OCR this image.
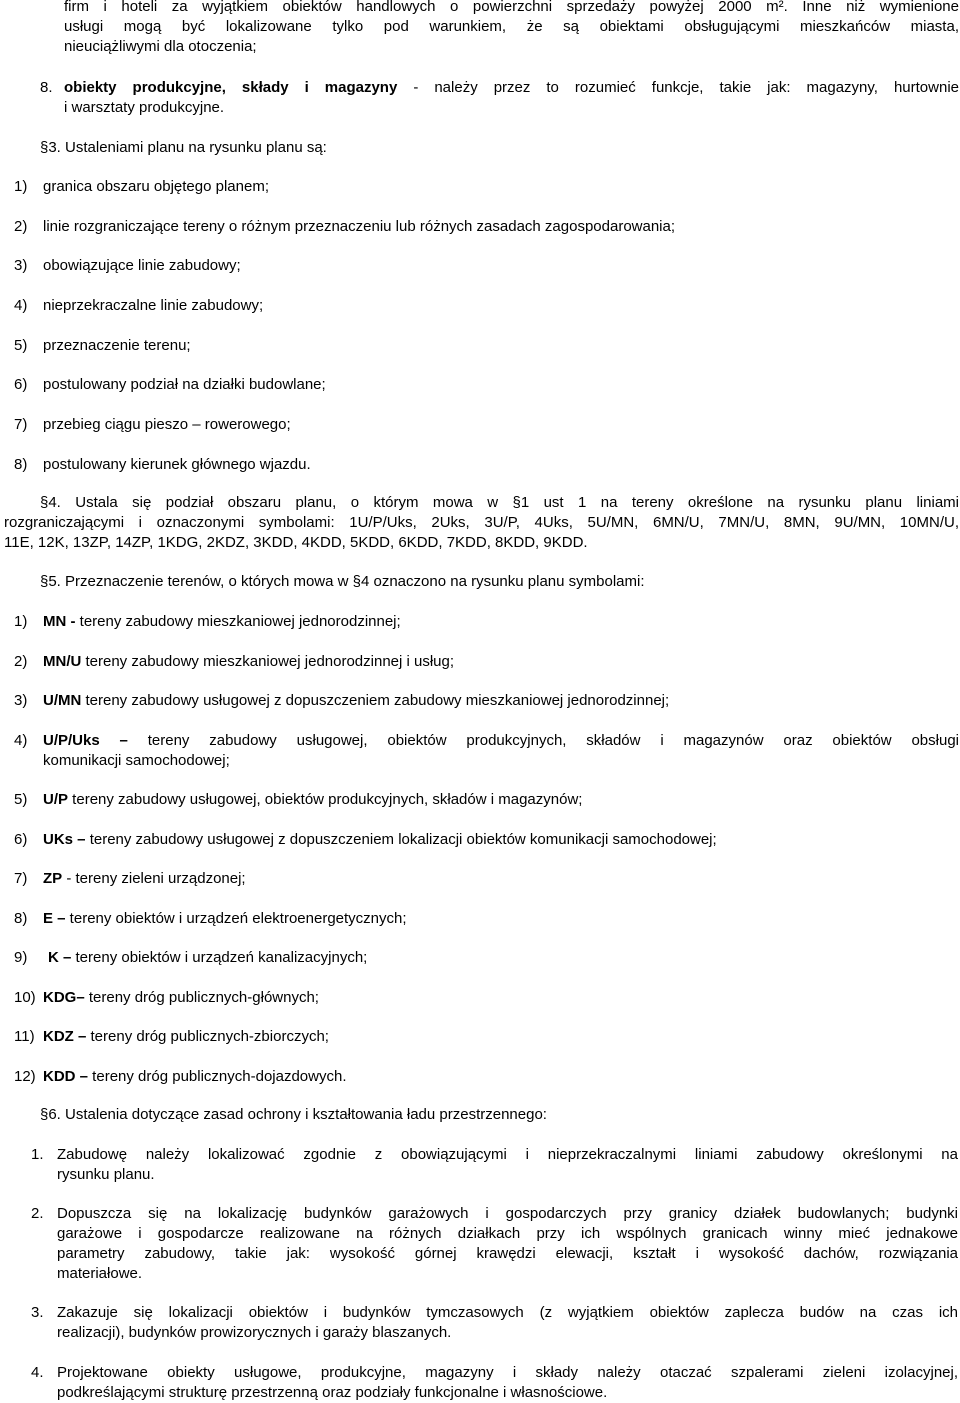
firm i hoteli za wyjątkiem obiektów handlowych o powierzchni sprzedaży powyżej 2000 m². Inne niż wymienione
usługi mogą być lokalizowane tylko pod warunkiem, że są obiektami obsługującymi mieszkańców miasta,
nieuciążliwymi dla otoczenia;
8. obiekty produkcyjne, składy i magazyny - należy przez to rozumieć funkcje, takie jak: magazyny, hurtownie
i warsztaty produkcyjne.
§3. Ustaleniami planu na rysunku planu są:
1) granica obszaru objętego planem;
2) linie rozgraniczające tereny o różnym przeznaczeniu lub różnych zasadach zagospodarowania;
3) obowiązujące linie zabudowy;
4) nieprzekraczalne linie zabudowy;
5) przeznaczenie terenu;
6) postulowany podział na działki budowlane;
7) przebieg ciągu pieszo – rowerowego;
8) postulowany kierunek głównego wjazdu.
§4. Ustala się podział obszaru planu, o którym mowa w §1 ust 1 na tereny określone na rysunku planu liniami
rozgraniczającymi i oznaczonymi symbolami: 1U/P/Uks, 2Uks, 3U/P, 4Uks, 5U/MN, 6MN/U, 7MN/U, 8MN, 9U/MN, 10MN/U,
11E, 12K, 13ZP, 14ZP, 1KDG, 2KDZ, 3KDD, 4KDD, 5KDD, 6KDD, 7KDD, 8KDD, 9KDD.
§5. Przeznaczenie terenów, o których mowa w §4 oznaczono na rysunku planu symbolami:
1) MN - tereny zabudowy mieszkaniowej jednorodzinnej;
2) MN/U tereny zabudowy mieszkaniowej jednorodzinnej i usług;
3) U/MN tereny zabudowy usługowej z dopuszczeniem zabudowy mieszkaniowej jednorodzinnej;
4) U/P/Uks – tereny zabudowy usługowej, obiektów produkcyjnych, składów i magazynów oraz obiektów obsługi
komunikacji samochodowej;
5) U/P tereny zabudowy usługowej, obiektów produkcyjnych, składów i magazynów;
6) UKs – tereny zabudowy usługowej z dopuszczeniem lokalizacji obiektów komunikacji samochodowej;
7) ZP - tereny zieleni urządzonej;
8) E – tereny obiektów i urządzeń elektroenergetycznych;
9) K – tereny obiektów i urządzeń kanalizacyjnych;
10) KDG– tereny dróg publicznych-głównych;
11) KDZ – tereny dróg publicznych-zbiorczych;
12) KDD – tereny dróg publicznych-dojazdowych.
§6. Ustalenia dotyczące zasad ochrony i kształtowania ładu przestrzennego:
1. Zabudowę należy lokalizować zgodnie z obowiązującymi i nieprzekraczalnymi liniami zabudowy określonymi na
rysunku planu.
2. Dopuszcza się na lokalizację budynków garażowych i gospodarczych przy granicy działek budowlanych; budynki
garażowe i gospodarcze realizowane na różnych działkach przy ich wspólnych granicach winny mieć jednakowe
parametry zabudowy, takie jak: wysokość górnej krawędzi elewacji, kształt i wysokość dachów, rozwiązania
materiałowe.
3. Zakazuje się lokalizacji obiektów i budynków tymczasowych (z wyjątkiem obiektów zaplecza budów na czas ich
realizacji), budynków prowizorycznych i garaży blaszanych.
4. Projektowane obiekty usługowe, produkcyjne, magazyny i składy należy otaczać szpalerami zieleni izolacyjnej,
podkreślającymi strukturę przestrzenną oraz podziały funkcjonalne i własnościowe.
